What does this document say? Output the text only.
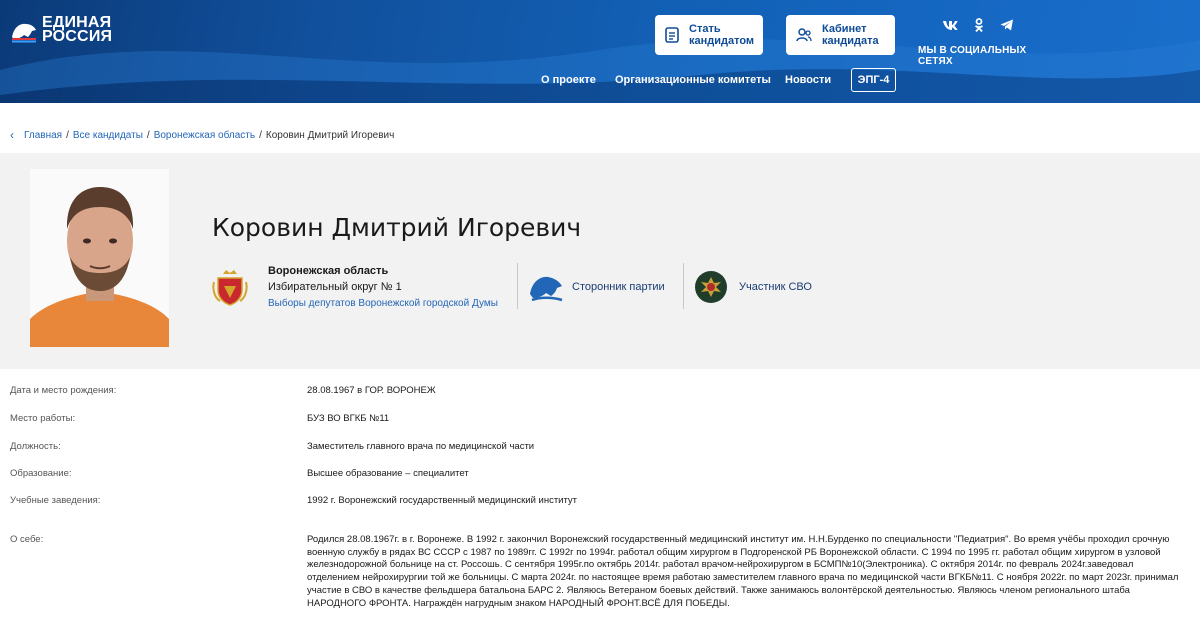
ЕДИНАЯ
РОССИЯ	Стать
кандидатом
Кабинет
кандидата
МЫ В СОЦИАЛЬНЫХ СЕТЯХ
О проекте Организационные комитеты Новости	ЭПГ-4
‹ Главная / Все кандидаты / Воронежская область / Коровин Дмитрий Игоревич
Коровин Дмитрий Игоревич
Воронежская область
Избирательный округ № 1
Выборы депутатов Воронежской городской Думы
Сторонник партии	Участник СВО
Дата и место рождения:	28.08.1967 в ГОР. ВОРОНЕЖ
Место работы:	БУЗ ВО ВГКБ №11
Должность:	Заместитель главного врача по медицинской части
Образование:	Высшее образование – специалитет
Учебные заведения:	1992 г. Воронежский государственный медицинский институт
О себе:	Родился 28.08.1967г. в г. Воронеже. В 1992 г. закончил Воронежский государственный медицинский институт им. Н.Н.Бурденко по специальности "Педиатрия". Во время учёбы проходил срочную военную службу в рядах ВС СССР с 1987 по 1989гг. С 1992г по 1994г. работал общим хирургом в Подгоренской РБ Воронежской области. С 1994 по 1995 гг. работал общим хирургом в узловой железнодорожной больнице на ст. Россошь. С сентября 1995г.по октябрь 2014г. работал врачом-нейрохирургом в БСМП№10(Электроника). С октября 2014г. по февраль 2024г.заведовал отделением нейрохирургии той же больницы. С марта 2024г. по настоящее время работаю заместителем главного врача по медицинской части ВГКБ№11. С ноября 2022г. по март 2023г. принимал участие в СВО в качестве фельдшера батальона БАРС 2. Являюсь Ветераном боевых действий. Также занимаюсь волонтёрской деятельностью. Являюсь членом регионального штаба НАРОДНОГО ФРОНТА. Награждён нагрудным знаком НАРОДНЫЙ ФРОНТ.ВСЁ ДЛЯ ПОБЕДЫ.
